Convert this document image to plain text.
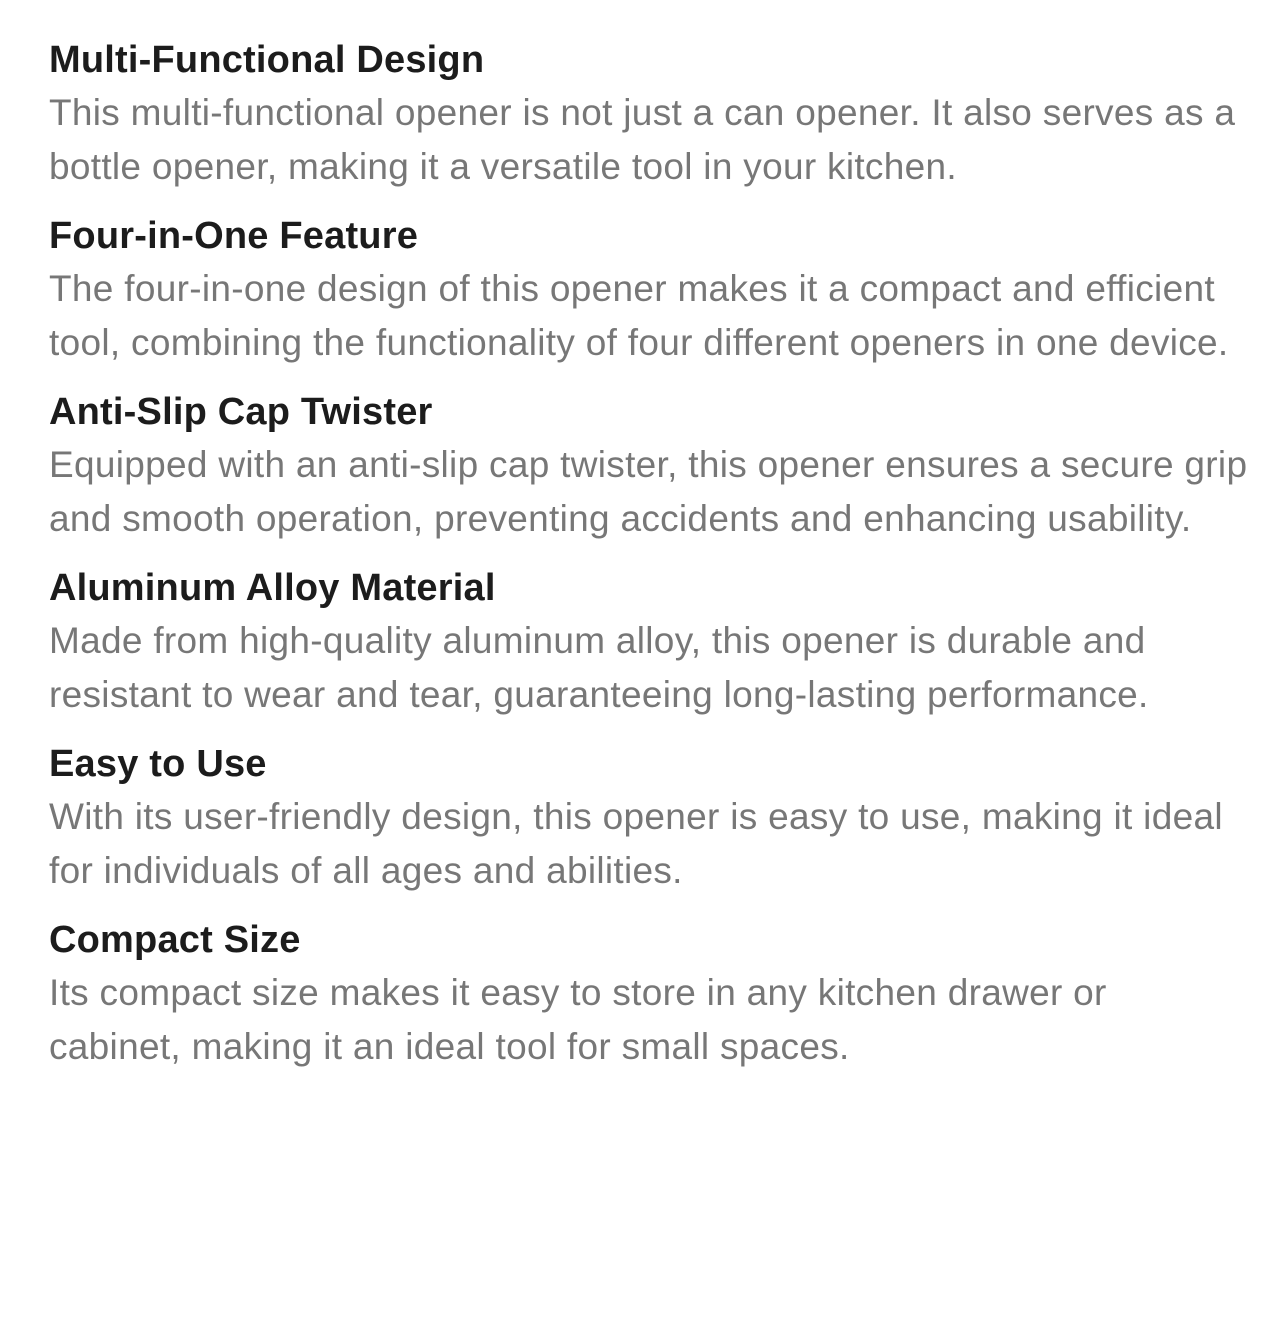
Multi-Functional Design

This multi-functional opener is not just a can opener. It also serves as a bottle opener, making it a versatile tool in your kitchen.

Four-in-One Feature

The four-in-one design of this opener makes it a compact and efficient tool, combining the functionality of four different openers in one device.

Anti-Slip Cap Twister

Equipped with an anti-slip cap twister, this opener ensures a secure grip and smooth operation, preventing accidents and enhancing usability.

Aluminum Alloy Material

Made from high-quality aluminum alloy, this opener is durable and resistant to wear and tear, guaranteeing long-lasting performance.

Easy to Use

With its user-friendly design, this opener is easy to use, making it ideal for individuals of all ages and abilities.

Compact Size

Its compact size makes it easy to store in any kitchen drawer or cabinet, making it an ideal tool for small spaces.
